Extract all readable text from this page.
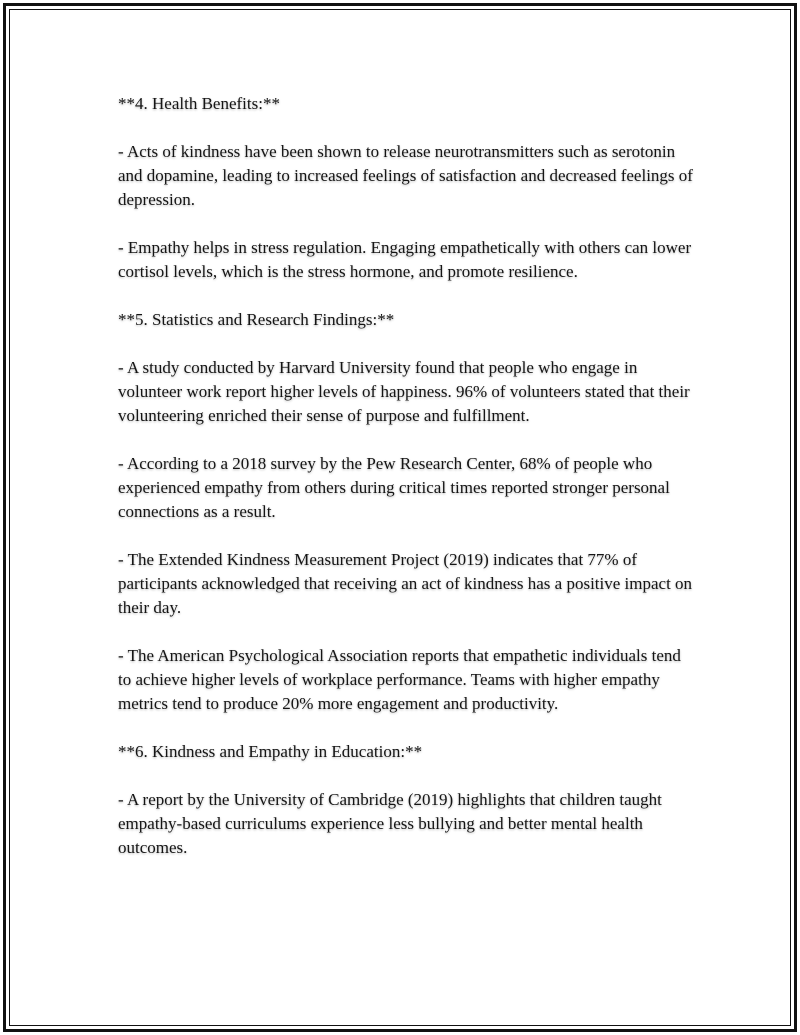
**4. Health Benefits:**

- Acts of kindness have been shown to release neurotransmitters such as serotonin and dopamine, leading to increased feelings of satisfaction and decreased feelings of depression.

- Empathy helps in stress regulation. Engaging empathetically with others can lower cortisol levels, which is the stress hormone, and promote resilience.

**5. Statistics and Research Findings:**

- A study conducted by Harvard University found that people who engage in volunteer work report higher levels of happiness. 96% of volunteers stated that their volunteering enriched their sense of purpose and fulfillment.

- According to a 2018 survey by the Pew Research Center, 68% of people who experienced empathy from others during critical times reported stronger personal connections as a result.

- The Extended Kindness Measurement Project (2019) indicates that 77% of participants acknowledged that receiving an act of kindness has a positive impact on their day.

- The American Psychological Association reports that empathetic individuals tend to achieve higher levels of workplace performance. Teams with higher empathy metrics tend to produce 20% more engagement and productivity.

**6. Kindness and Empathy in Education:**

- A report by the University of Cambridge (2019) highlights that children taught empathy-based curriculums experience less bullying and better mental health outcomes.
